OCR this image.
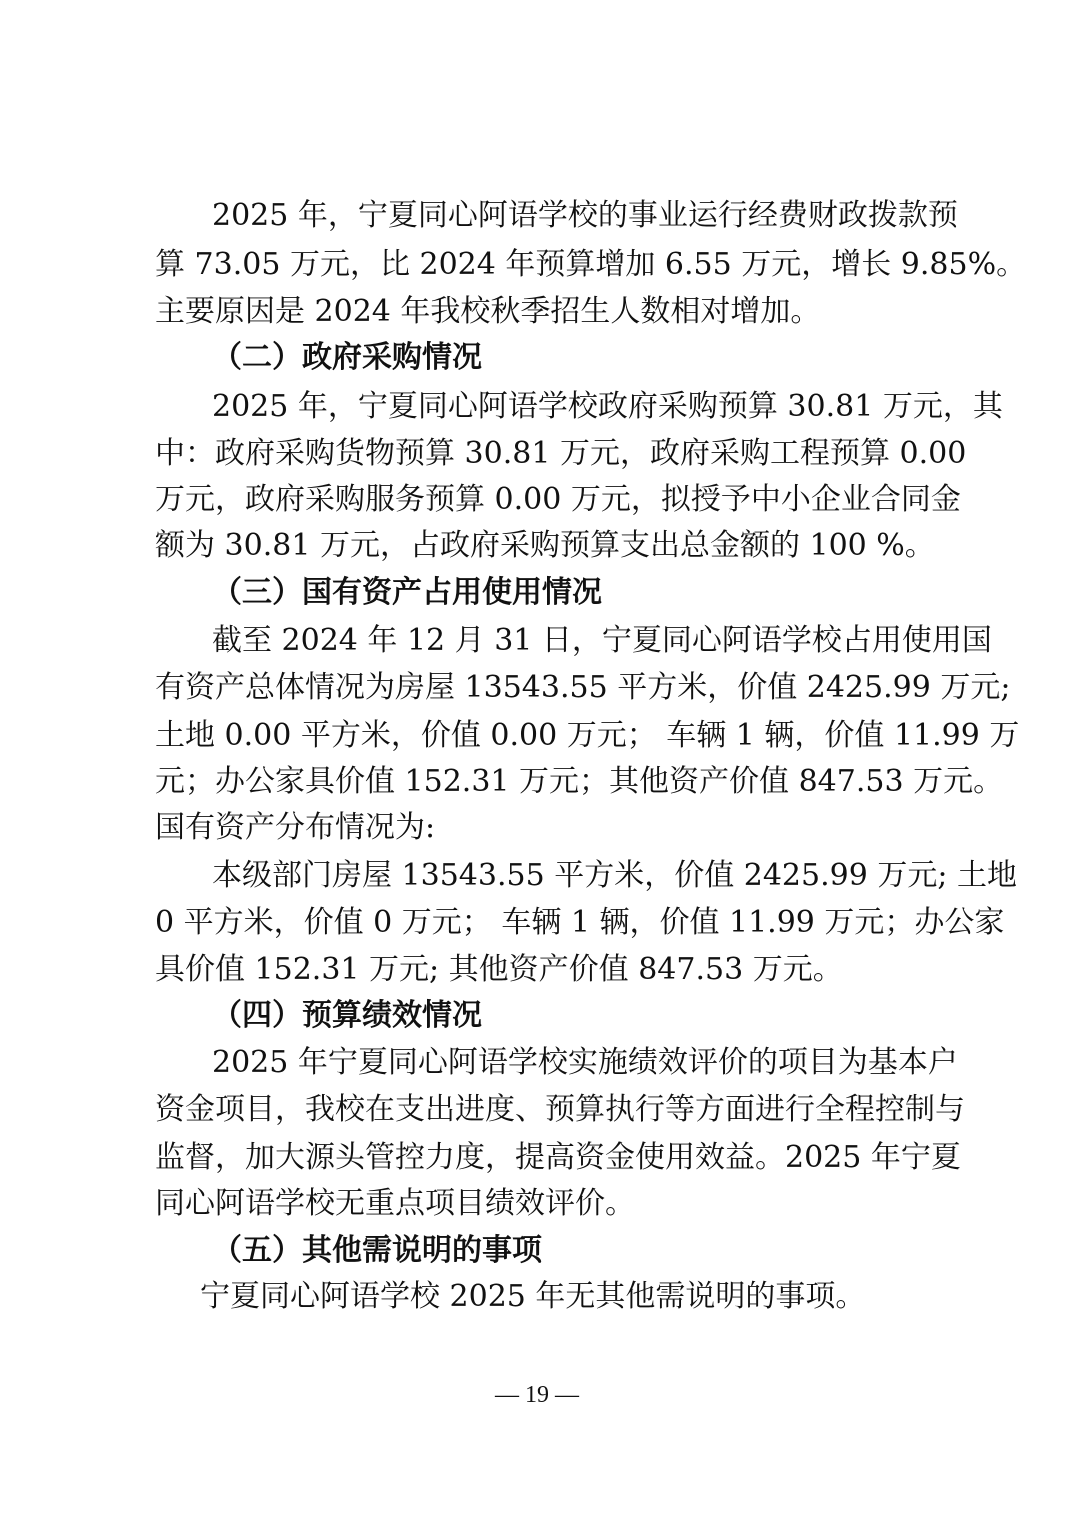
2025 年，宁夏同心阿语学校的事业运行经费财政拨款预
算 73.05 万元，比 2024 年预算增加 6.55 万元，增长 9.85%。
主要原因是 2024 年我校秋季招生人数相对增加。
（二）政府采购情况
2025 年，宁夏同心阿语学校政府采购预算 30.81 万元，其
中：政府采购货物预算 30.81 万元，政府采购工程预算 0.00
万元，政府采购服务预算 0.00 万元，拟授予中小企业合同金
额为 30.81 万元，占政府采购预算支出总金额的 100 %。
（三）国有资产占用使用情况
截至 2024 年 12 月 31 日，宁夏同心阿语学校占用使用国
有资产总体情况为房屋 13543.55 平方米，价值 2425.99 万元;
土地 0.00 平方米，价值 0.00 万元； 车辆 1 辆，价值 11.99 万
元；办公家具价值 152.31 万元；其他资产价值 847.53 万元。
国有资产分布情况为:
本级部门房屋 13543.55 平方米，价值 2425.99 万元; 土地
0 平方米，价值 0 万元； 车辆 1 辆，价值 11.99 万元；办公家
具价值 152.31 万元; 其他资产价值 847.53 万元。
（四）预算绩效情况
2025 年宁夏同心阿语学校实施绩效评价的项目为基本户
资金项目，我校在支出进度、预算执行等方面进行全程控制与
监督，加大源头管控力度，提高资金使用效益。2025 年宁夏
同心阿语学校无重点项目绩效评价。
（五）其他需说明的事项
宁夏同心阿语学校 2025 年无其他需说明的事项。
— 19 —
